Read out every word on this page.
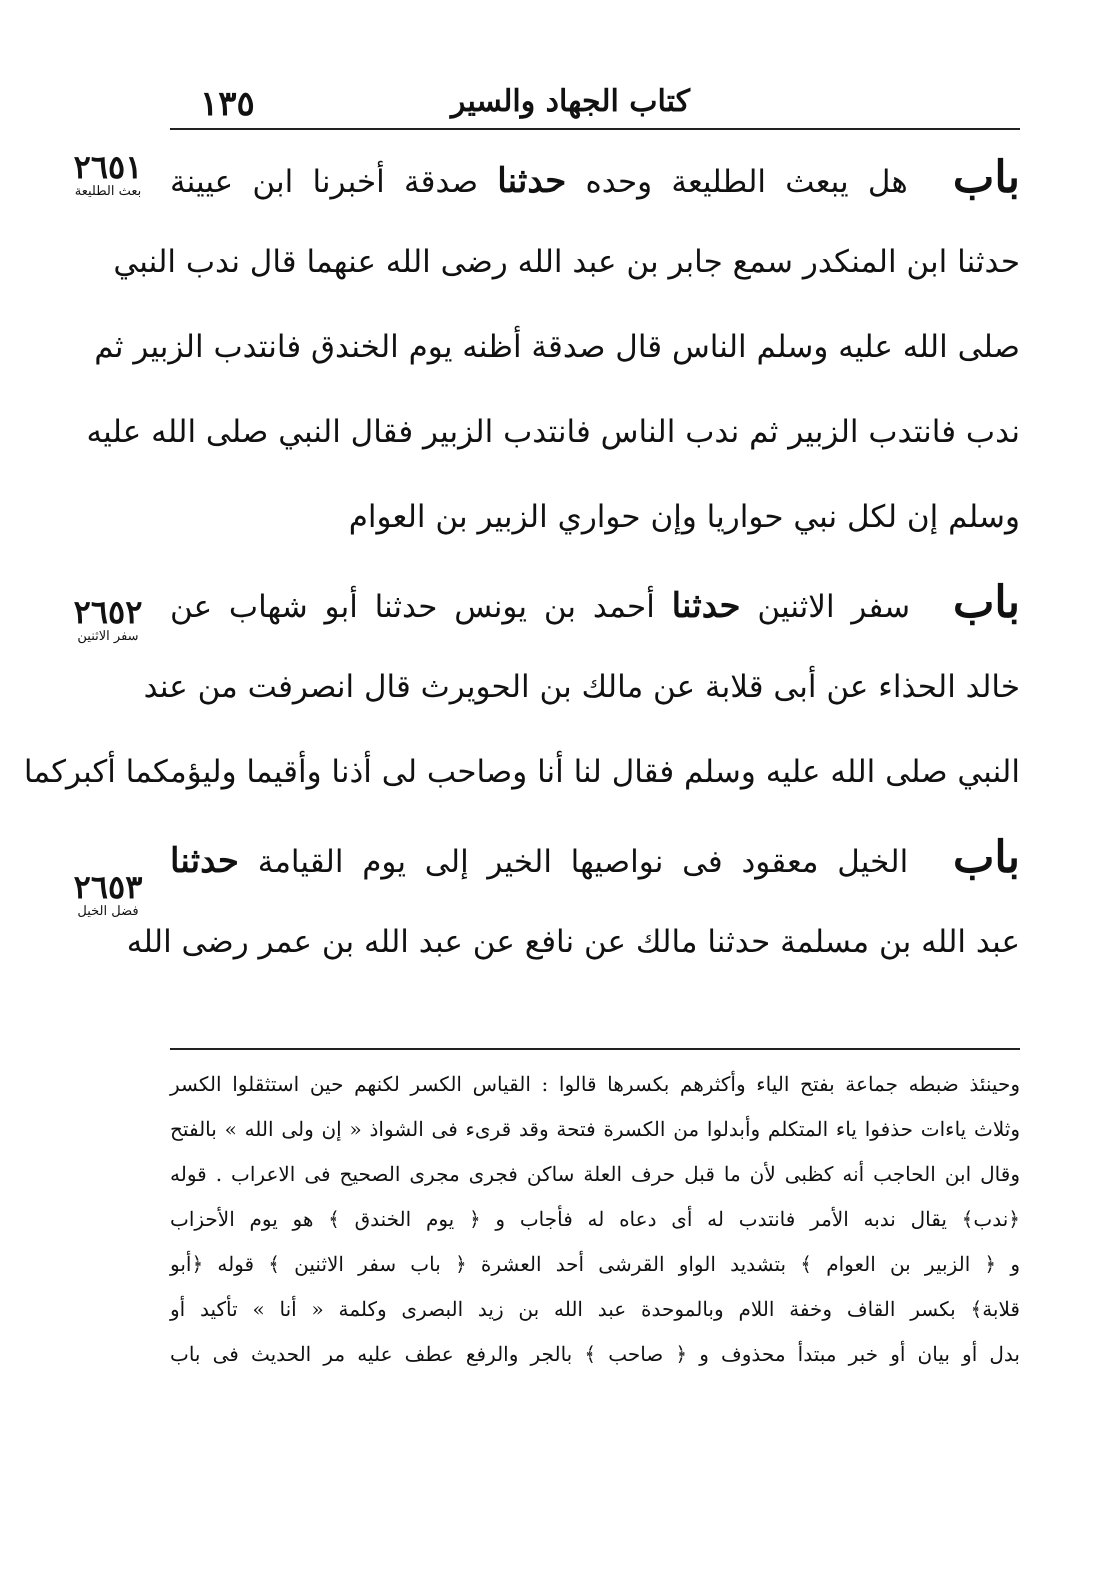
١٣٥	كتاب الجهاد والسير
٢٦٥١
بعث الطليعة
٢٦٥٢
سفر الاثنين
٢٦٥٣
فضل الخيل
باب هل يبعث الطليعة وحده حدثنا صدقة أخبرنا ابن عيينة
حدثنا ابن المنكدر سمع جابر بن عبد الله رضى الله عنهما قال ندب النبي
صلى الله عليه وسلم الناس قال صدقة أظنه يوم الخندق فانتدب الزبير ثم
ندب فانتدب الزبير ثم ندب الناس فانتدب الزبير فقال النبي صلى الله عليه
وسلم إن لكل نبي حواريا وإن حواري الزبير بن العوام
باب سفر الاثنين حدثنا أحمد بن يونس حدثنا أبو شهاب عن
خالد الحذاء عن أبى قلابة عن مالك بن الحويرث قال انصرفت من عند
النبي صلى الله عليه وسلم فقال لنا أنا وصاحب لى أذنا وأقيما وليؤمكما أكبركما
باب الخيل معقود فى نواصيها الخير إلى يوم القيامة حدثنا
عبد الله بن مسلمة حدثنا مالك عن نافع عن عبد الله بن عمر رضى الله
وحينئذ ضبطه جماعة بفتح الياء وأكثرهم بكسرها قالوا : القياس الكسر لكنهم حين استثقلوا الكسر
وثلاث ياءات حذفوا ياء المتكلم وأبدلوا من الكسرة فتحة وقد قرىء فى الشواذ « إن ولى الله » بالفتح
وقال ابن الحاجب أنه كظبى لأن ما قبل حرف العلة ساكن فجرى مجرى الصحيح فى الاعراب . قوله
﴿ندب﴾ يقال ندبه الأمر فانتدب له أى دعاه له فأجاب و ﴿ يوم الخندق ﴾ هو يوم الأحزاب
و ﴿ الزبير بن العوام ﴾ بتشديد الواو القرشى أحد العشرة ﴿ باب سفر الاثنين ﴾ قوله ﴿أبو
قلابة﴾ بكسر القاف وخفة اللام وبالموحدة عبد الله بن زيد البصرى وكلمة « أنا » تأكيد أو
بدل أو بيان أو خبر مبتدأ محذوف و ﴿ صاحب ﴾ بالجر والرفع عطف عليه مر الحديث فى باب
